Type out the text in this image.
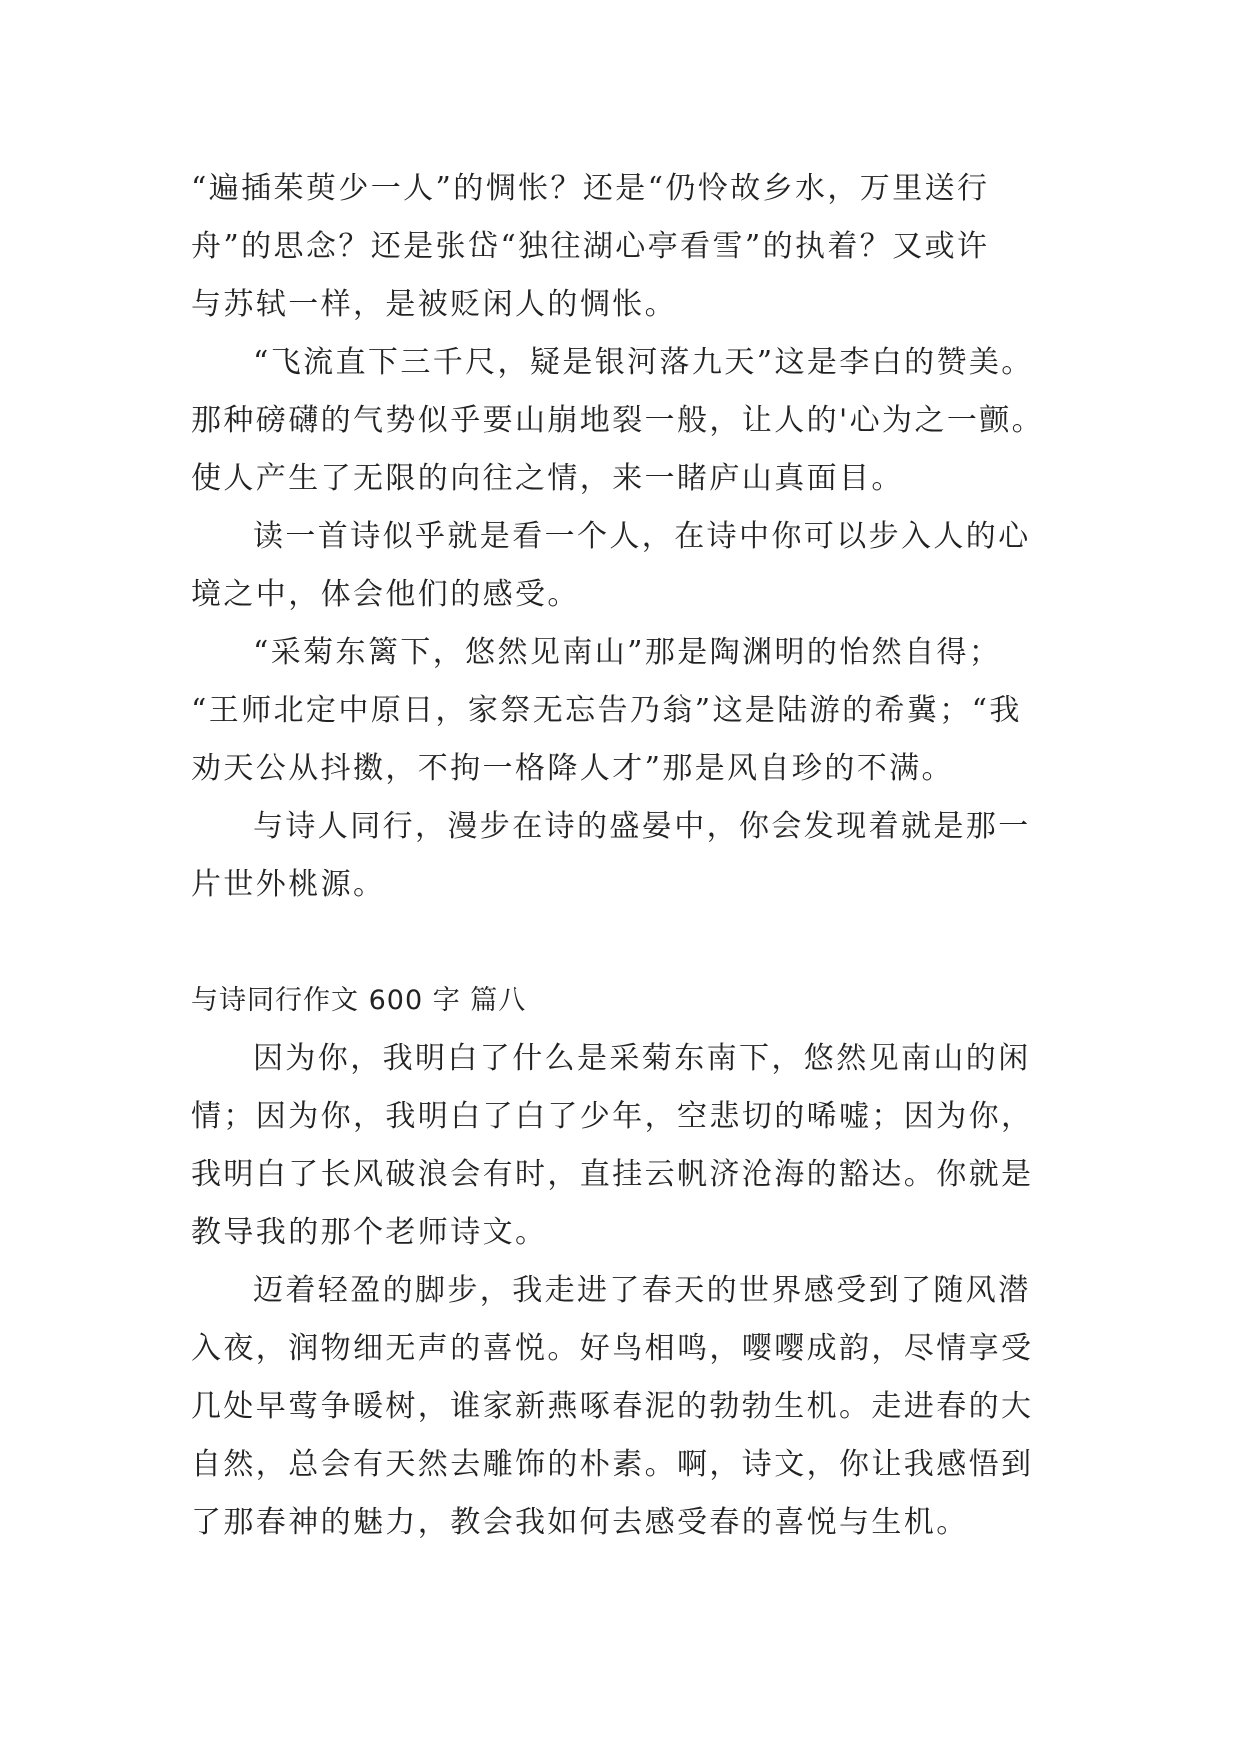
“遍插茱萸少一人”的惆怅？还是“仍怜故乡水，万里送行
舟”的思念？还是张岱“独往湖心亭看雪”的执着？又或许
与苏轼一样，是被贬闲人的惆怅。
“飞流直下三千尺，疑是银河落九天”这是李白的赞美。
那种磅礴的气势似乎要山崩地裂一般，让人的'心为之一颤。
使人产生了无限的向往之情，来一睹庐山真面目。
读一首诗似乎就是看一个人，在诗中你可以步入人的心
境之中，体会他们的感受。
“采菊东篱下，悠然见南山”那是陶渊明的怡然自得；
“王师北定中原日，家祭无忘告乃翁”这是陆游的希冀；“我
劝天公从抖擞，不拘一格降人才”那是风自珍的不满。
与诗人同行，漫步在诗的盛晏中，你会发现着就是那一
片世外桃源。
与诗同行作文 600 字 篇八
因为你，我明白了什么是采菊东南下，悠然见南山的闲
情；因为你，我明白了白了少年，空悲切的唏嘘；因为你，
我明白了长风破浪会有时，直挂云帆济沧海的豁达。你就是
教导我的那个老师诗文。
迈着轻盈的脚步，我走进了春天的世界感受到了随风潜
入夜，润物细无声的喜悦。好鸟相鸣，嘤嘤成韵，尽情享受
几处早莺争暖树，谁家新燕啄春泥的勃勃生机。走进春的大
自然，总会有天然去雕饰的朴素。啊，诗文，你让我感悟到
了那春神的魅力，教会我如何去感受春的喜悦与生机。
